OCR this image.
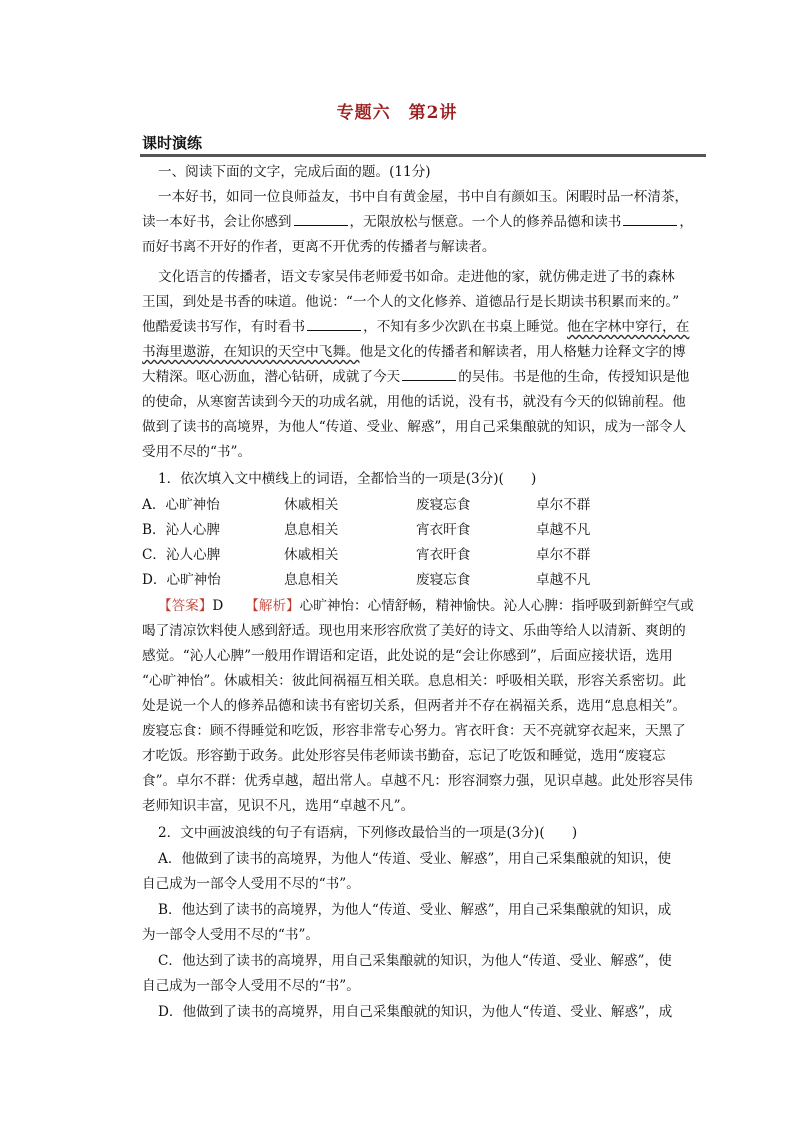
专题六 第2讲
课时演练
一、阅读下面的文字，完成后面的题。(11分)
一本好书，如同一位良师益友，书中自有黄金屋，书中自有颜如玉。闲暇时品一杯清茶，
读一本好书，会让你感到	，无限放松与惬意。一个人的修养品德和读书	，
而好书离不开好的作者，更离不开优秀的传播者与解读者。
文化语言的传播者，语文专家吴伟老师爱书如命。走进他的家，就仿佛走进了书的森林
王国，到处是书香的味道。他说：“一个人的文化修养、道德品行是长期读书积累而来的。”
他酷爱读书写作，有时看书	，不知有多少次趴在书桌上睡觉。他在字林中穿行，在
书海里遨游，在知识的天空中飞舞。他是文化的传播者和解读者，用人格魅力诠释文字的博
大精深。呕心沥血，潜心钻研，成就了今天	的吴伟。书是他的生命，传授知识是他
的使命，从寒窗苦读到今天的功成名就，用他的话说，没有书，就没有今天的似锦前程。他
做到了读书的高境界，为他人“传道、受业、解惑”，用自己采集酿就的知识，成为一部令人
受用不尽的“书”。
1．依次填入文中横线上的词语，全都恰当的一项是(3分)(　　)
A．心旷神怡	休戚相关	废寝忘食	卓尔不群
B．沁人心脾	息息相关	宵衣旰食	卓越不凡
C．沁人心脾	休戚相关	宵衣旰食	卓尔不群
D．心旷神怡	息息相关	废寝忘食	卓越不凡
【答案】D 【解析】心旷神怡：心情舒畅，精神愉快。沁人心脾：指呼吸到新鲜空气或
喝了清凉饮料使人感到舒适。现也用来形容欣赏了美好的诗文、乐曲等给人以清新、爽朗的
感觉。“沁人心脾”一般用作谓语和定语，此处说的是“会让你感到”，后面应接状语，选用
“心旷神怡”。休戚相关：彼此间祸福互相关联。息息相关：呼吸相关联，形容关系密切。此
处是说一个人的修养品德和读书有密切关系，但两者并不存在祸福关系，选用“息息相关”。
废寝忘食：顾不得睡觉和吃饭，形容非常专心努力。宵衣旰食：天不亮就穿衣起来，天黑了
才吃饭。形容勤于政务。此处形容吴伟老师读书勤奋，忘记了吃饭和睡觉，选用“废寝忘
食”。卓尔不群：优秀卓越，超出常人。卓越不凡：形容洞察力强，见识卓越。此处形容吴伟
老师知识丰富，见识不凡，选用“卓越不凡”。
2．文中画波浪线的句子有语病，下列修改最恰当的一项是(3分)(　　)
A．他做到了读书的高境界，为他人“传道、受业、解惑”，用自己采集酿就的知识，使
自己成为一部令人受用不尽的“书”。
B．他达到了读书的高境界，为他人“传道、受业、解惑”，用自己采集酿就的知识，成
为一部令人受用不尽的“书”。
C．他达到了读书的高境界，用自己采集酿就的知识，为他人“传道、受业、解惑”，使
自己成为一部令人受用不尽的“书”。
D．他做到了读书的高境界，用自己采集酿就的知识，为他人“传道、受业、解惑”，成
